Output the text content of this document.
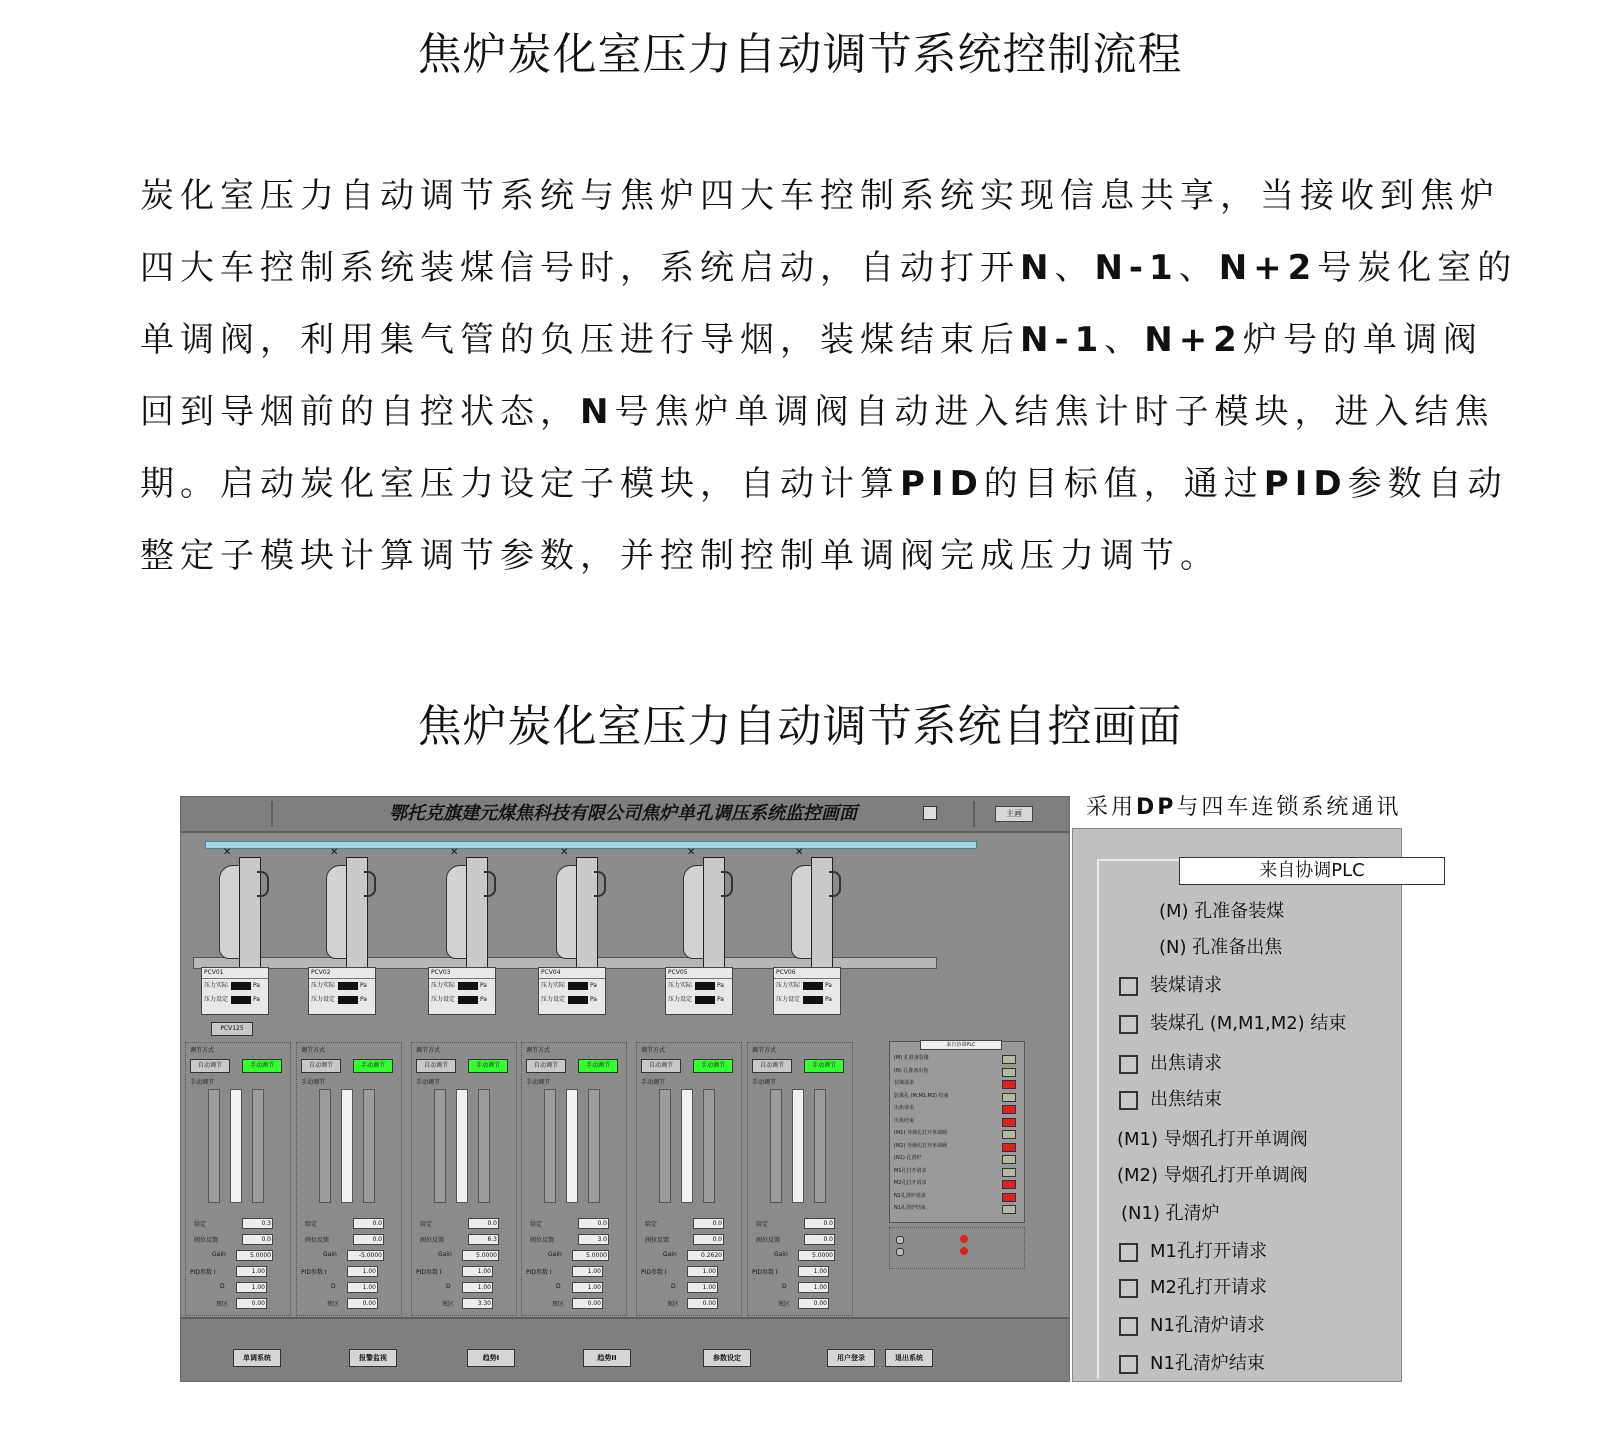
焦炉炭化室压力自动调节系统控制流程
炭化室压力自动调节系统与焦炉四大车控制系统实现信息共享，当接收到焦炉四大车控制系统装煤信号时，系统启动，自动打开N、N-1、N+2号炭化室的单调阀，利用集气管的负压进行导烟，装煤结束后N-1、N+2炉号的单调阀回到导烟前的自控状态，N号焦炉单调阀自动进入结焦计时子模块，进入结焦期。启动炭化室压力设定子模块，自动计算PID的目标值，通过PID参数自动整定子模块计算调节参数，并控制控制单调阀完成压力调节。
焦炉炭化室压力自动调节系统自控画面
鄂托克旗建元煤焦科技有限公司焦炉单孔调压系统监控画面	主画
✕
PCV01
压力实际	Pa
压力设定	Pa
✕
PCV02
压力实际	Pa
压力设定	Pa
✕
PCV03
压力实际	Pa
压力设定	Pa
✕
PCV04
压力实际	Pa
压力设定	Pa
✕
PCV05
压力实际	Pa
压力设定	Pa
✕
PCV06
压力实际	Pa
压力设定	Pa
PCV125
调节方式
自动调节	手动调节
手动调节
给定	0.3
阀位反馈	0.0
Gain	5.0000
PID参数 I	1.00
D	1.00
死区	0.00
调节方式
自动调节	手动调节
手动调节
给定	0.0
阀位反馈	0.0
Gain	-5.0000
PID参数 I	1.00
D	1.00
死区	0.00
调节方式
自动调节	手动调节
手动调节
给定	0.0
阀位反馈	6.3
Gain	5.0000
PID参数 I	1.00
D	1.00
死区	3.30
调节方式
自动调节	手动调节
手动调节
给定	0.0
阀位反馈	3.0
Gain	5.0000
PID参数 I	1.00
D	1.00
死区	0.00
调节方式
自动调节	手动调节
手动调节
给定	0.0
阀位反馈	0.0
Gain	0.2620
PID参数 I	1.00
D	1.00
死区	0.00
调节方式
自动调节	手动调节
手动调节
给定	0.0
阀位反馈	0.0
Gain	5.0000
PID参数 I	1.00
D	1.00
死区	0.00
来自协调PLC
(M) 孔准备装煤
(N) 孔准备出焦
装煤请求
装煤孔 (M,M1,M2) 结束
出焦请求
出焦结束
(M1) 导烟孔打开单调阀
(M2) 导烟孔打开单调阀
(N1) 孔清炉
M1孔打开请求
M2孔打开请求
N1孔清炉请求
N1孔清炉结束
单调系统	报警监视	趋势I	趋势II	参数设定	用户登录	退出系统
采用DP与四车连锁系统通讯
来自协调PLC
(M) 孔准备装煤
(N) 孔准备出焦
装煤请求
装煤孔 (M,M1,M2) 结束
出焦请求
出焦结束
(M1) 导烟孔打开单调阀
(M2) 导烟孔打开单调阀
(N1) 孔清炉
M1孔打开请求
M2孔打开请求
N1孔清炉请求
N1孔清炉结束
